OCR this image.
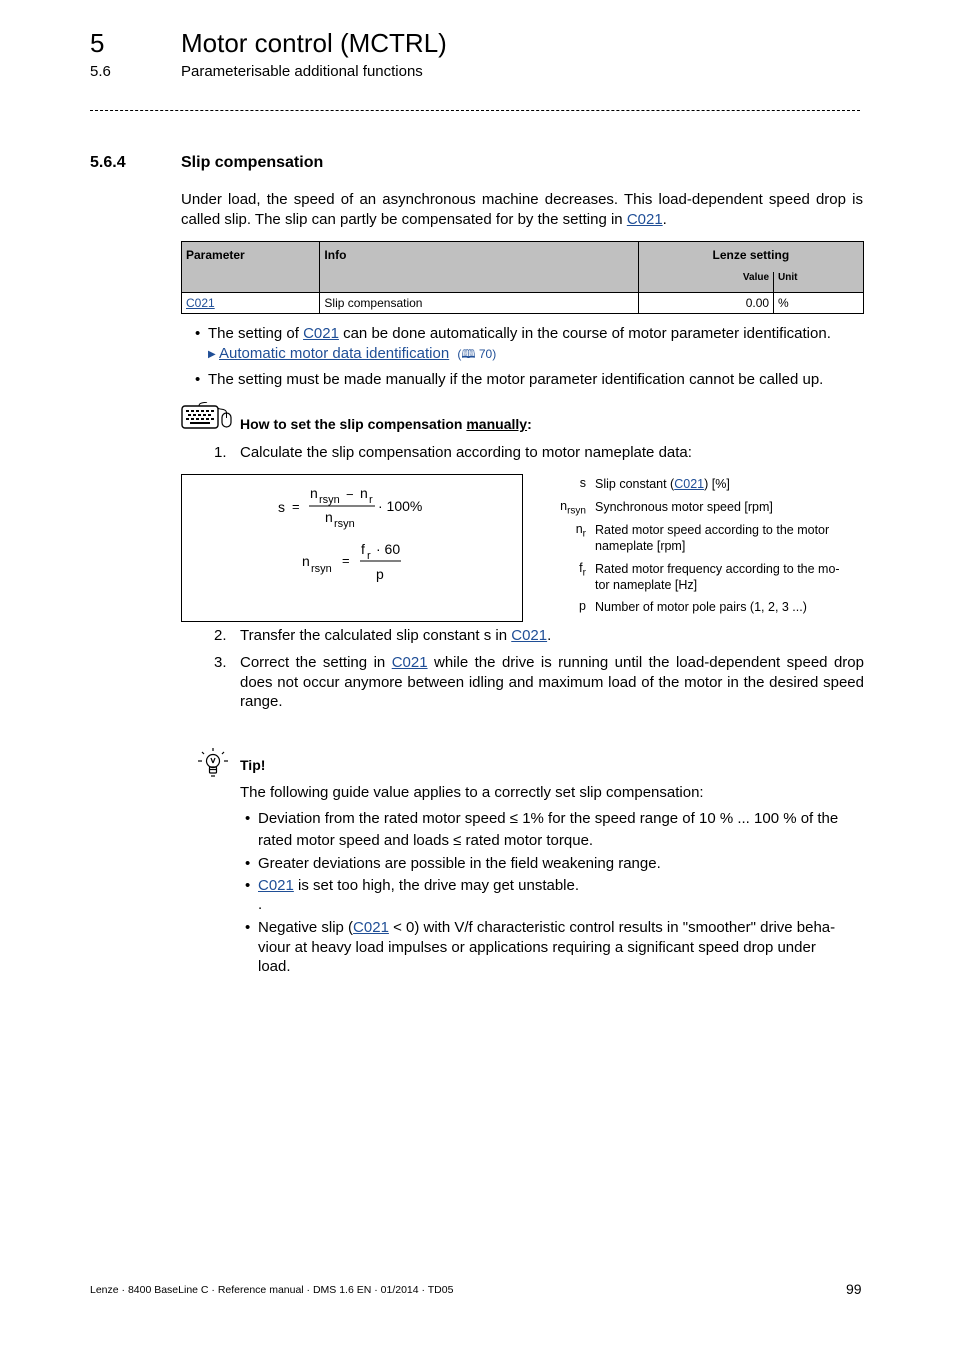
5	Motor control (MCTRL)
5.6	Parameterisable additional functions
5.6.4	Slip compensation
Under load, the speed of an asynchronous machine decreases. This load-dependent speed drop is called slip. The slip can partly be compensated for by the setting in C021.
Parameter	Info	Lenze setting	
		Value	Unit
C021	Slip compensation	0.00	%
• The setting of C021 can be done automatically in the course of motor parameter identification.
▶ Automatic motor data identification (🕮 70)
• The setting must be made manually if the motor parameter identification cannot be called up.
How to set the slip compensation manually:
1. Calculate the slip compensation according to motor nameplate data:
s =
n rsyn − n r
n rsyn
· 100%
n rsyn
=
f r · 60
p
s Slip constant (C021) [%]
$n_{rsyn}$ Synchronous motor speed [rpm]
$n_r$ Rated motor speed according to the motor
nameplate [rpm]
$f_r$ Rated motor frequency according to the mo-
tor nameplate [Hz]
p Number of motor pole pairs (1, 2, 3 ...)
2. Transfer the calculated slip constant s in C021.
3. Correct the setting in C021 while the drive is running until the load-dependent speed drop does not occur anymore between idling and maximum load of the motor in the desired speed range.
Tip!
The following guide value applies to a correctly set slip compensation:
• Deviation from the rated motor speed ≤ 1% for the speed range of 10 % ... 100 % of the
rated motor speed and loads ≤ rated motor torque.
• Greater deviations are possible in the field weakening range.
• C021 is set too high, the drive may get unstable.
.
• Negative slip (C021 < 0) with V/f characteristic control results in "smoother" drive beha-
viour at heavy load impulses or applications requiring a significant speed drop under
load.
Lenze · 8400 BaseLine C · Reference manual · DMS 1.6 EN · 01/2014 · TD05	99
